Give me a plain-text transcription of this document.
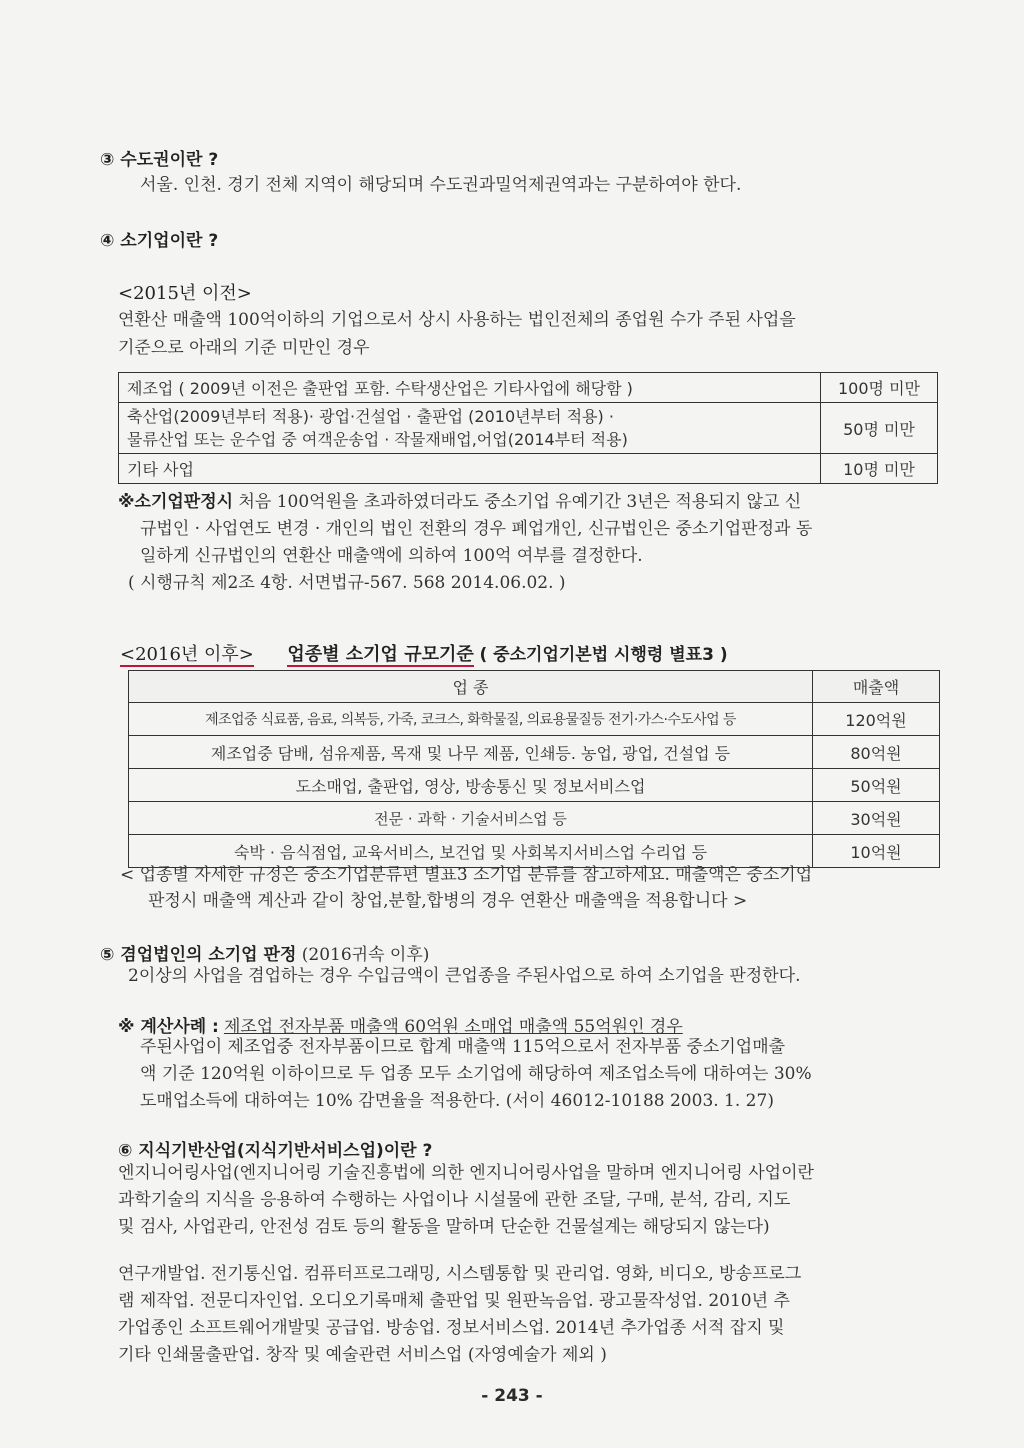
③ 수도권이란 ?
서울. 인천. 경기 전체 지역이 해당되며 수도권과밀억제권역과는 구분하여야 한다.
④ 소기업이란 ?
<2015년 이전>
연환산 매출액 100억이하의 기업으로서 상시 사용하는 법인전체의 종업원 수가 주된 사업을
기준으로 아래의 기준 미만인 경우
제조업 ( 2009년 이전은 출판업 포함. 수탁생산업은 기타사업에 해당함 )	100명 미만

축산업(2009년부터 적용)· 광업·건설업 · 출판업 (2010년부터 적용) ·
물류산업 또는 운수업 중 여객운송업 · 작물재배업,어업(2014부터 적용)	50명 미만
기타 사업	10명 미만
※소기업판정시 처음 100억원을 초과하였더라도 중소기업 유예기간 3년은 적용되지 않고 신
규법인 · 사업연도 변경 · 개인의 법인 전환의 경우 폐업개인, 신규법인은 중소기업판정과 동
일하게 신규법인의 연환산 매출액에 의하여 100억 여부를 결정한다.
( 시행규칙 제2조 4항. 서면법규-567. 568 2014.06.02. )
<2016년 이후> 업종별 소기업 규모기준 ( 중소기업기본법 시행령 별표3 )
업 종	매출액
제조업중 식료품, 음료, 의복등, 가죽, 코크스, 화학물질, 의료용물질등 전기·가스·수도사업 등	120억원
제조업중 담배, 섬유제품, 목재 및 나무 제품, 인쇄등. 농업, 광업, 건설업 등	80억원
도소매업, 출판업, 영상, 방송통신 및 정보서비스업	50억원
전문 · 과학 · 기술서비스업 등	30억원
숙박 · 음식점업, 교육서비스, 보건업 및 사회복지서비스업 수리업 등	10억원
< 업종별 자세한 규정은 중소기업분류편 별표3 소기업 분류를 참고하세요. 매출액은 중소기업
판정시 매출액 계산과 같이 창업,분할,합병의 경우 연환산 매출액을 적용합니다 >
⑤ 겸업법인의 소기업 판정 (2016귀속 이후)
2이상의 사업을 겸업하는 경우 수입금액이 큰업종을 주된사업으로 하여 소기업을 판정한다.
※ 계산사례 : 제조업 전자부품 매출액 60억원 소매업 매출액 55억원인 경우
주된사업이 제조업중 전자부품이므로 합계 매출액 115억으로서 전자부품 중소기업매출
액 기준 120억원 이하이므로 두 업종 모두 소기업에 해당하여 제조업소득에 대하여는 30%
도매업소득에 대하여는 10% 감면율을 적용한다. (서이 46012-10188 2003. 1. 27)
⑥ 지식기반산업(지식기반서비스업)이란 ?
엔지니어링사업(엔지니어링 기술진흥법에 의한 엔지니어링사업을 말하며 엔지니어링 사업이란
과학기술의 지식을 응용하여 수행하는 사업이나 시설물에 관한 조달, 구매, 분석, 감리, 지도
및 검사, 사업관리, 안전성 검토 등의 활동을 말하며 단순한 건물설계는 해당되지 않는다)
연구개발업. 전기통신업. 컴퓨터프로그래밍, 시스템통합 및 관리업. 영화, 비디오, 방송프로그
램 제작업. 전문디자인업. 오디오기록매체 출판업 및 원판녹음업. 광고물작성업. 2010년 추
가업종인 소프트웨어개발및 공급업. 방송업. 정보서비스업. 2014년 추가업종 서적 잡지 및
기타 인쇄물출판업. 창작 및 예술관련 서비스업 (자영예술가 제외 )
- 243 -
